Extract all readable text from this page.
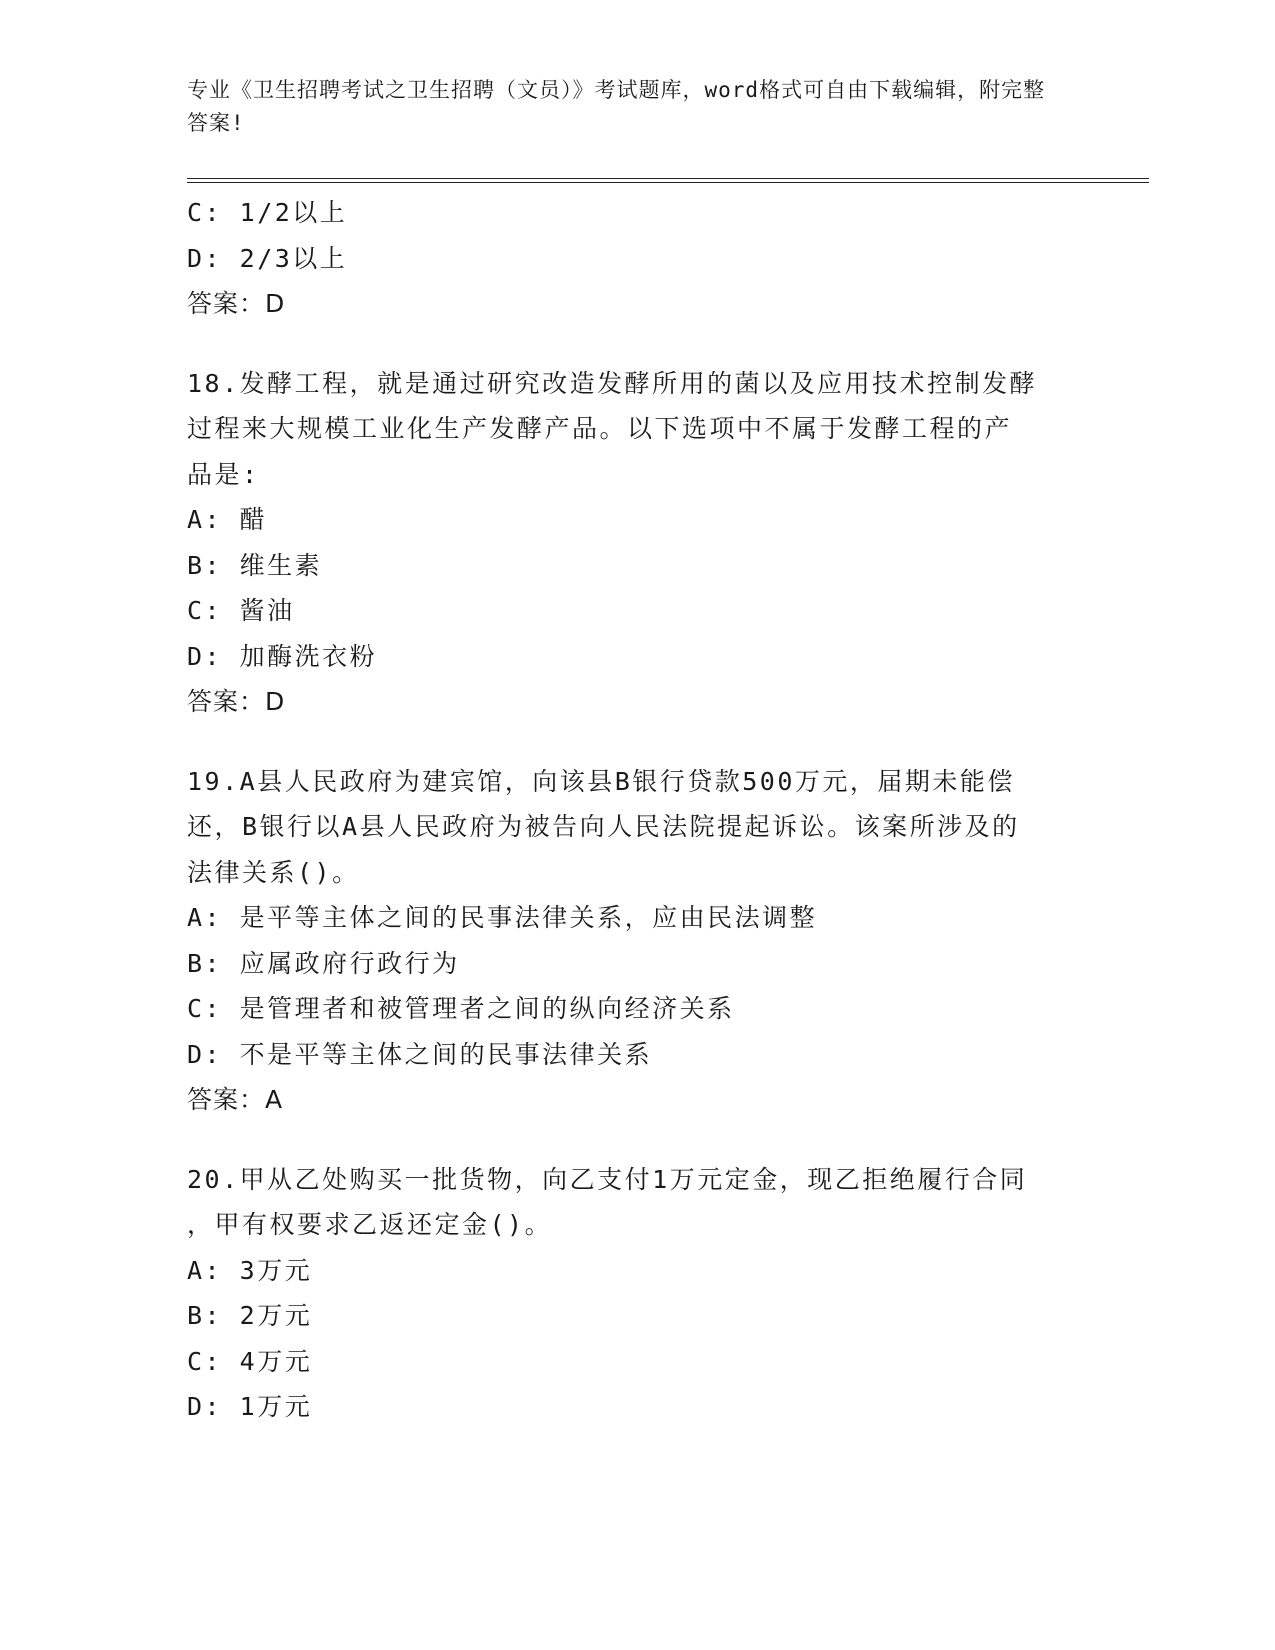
专业《卫生招聘考试之卫生招聘（文员）》考试题库，word格式可自由下载编辑，附完整答案!
C: 1/2以上
D: 2/3以上
答案：D
18.发酵工程，就是通过研究改造发酵所用的菌以及应用技术控制发酵
过程来大规模工业化生产发酵产品。以下选项中不属于发酵工程的产
品是:
A: 醋
B: 维生素
C: 酱油
D: 加酶洗衣粉
答案：D
19.A县人民政府为建宾馆，向该县B银行贷款500万元，届期未能偿
还，B银行以A县人民政府为被告向人民法院提起诉讼。该案所涉及的
法律关系()。
A: 是平等主体之间的民事法律关系，应由民法调整
B: 应属政府行政行为
C: 是管理者和被管理者之间的纵向经济关系
D: 不是平等主体之间的民事法律关系
答案：A
20.甲从乙处购买一批货物，向乙支付1万元定金，现乙拒绝履行合同
，甲有权要求乙返还定金()。
A: 3万元
B: 2万元
C: 4万元
D: 1万元
